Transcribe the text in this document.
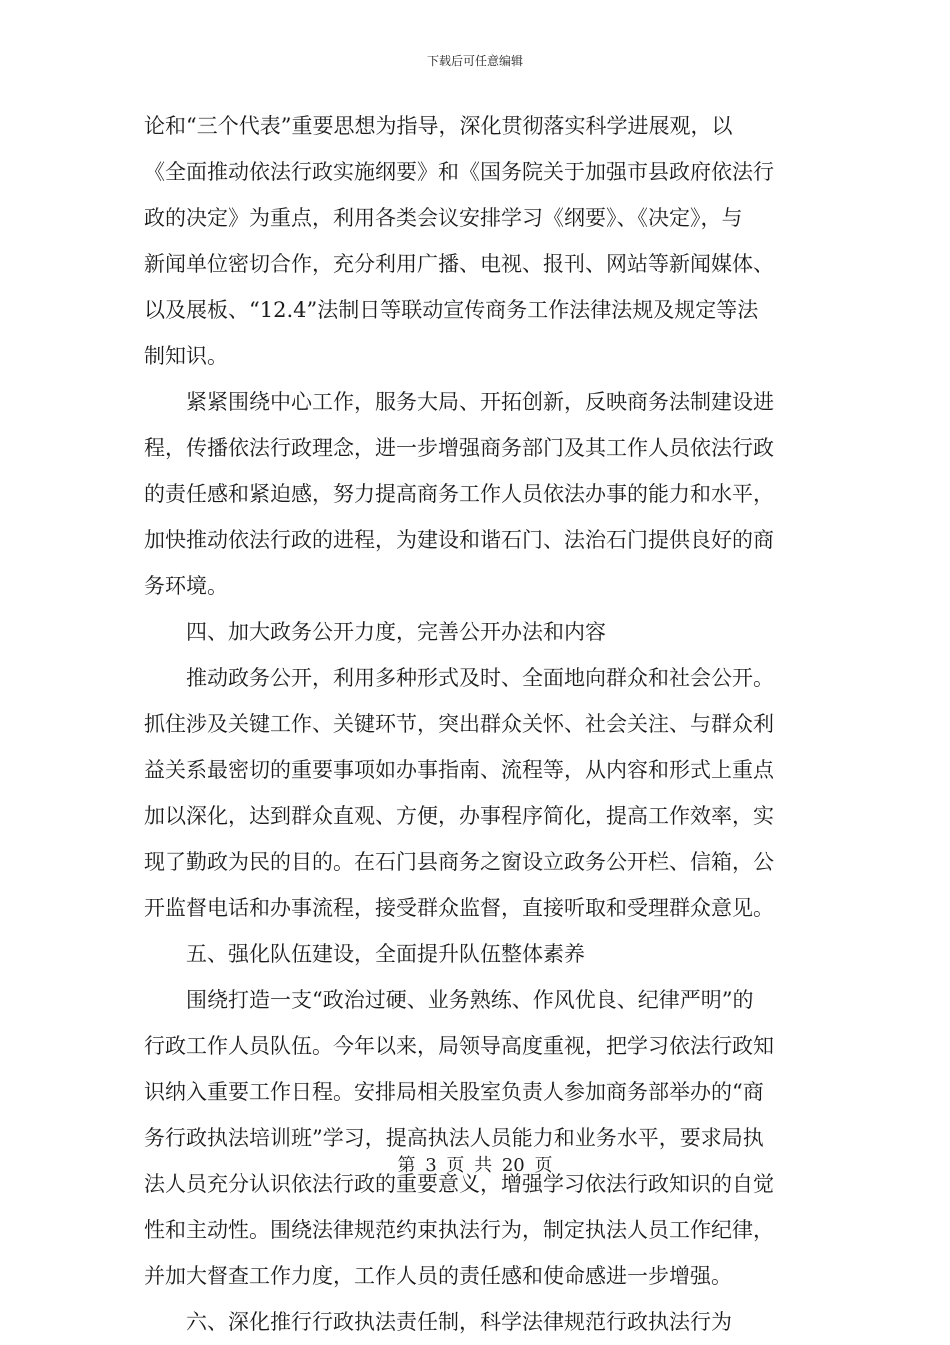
下载后可任意编辑
论和“三个代表”重要思想为指导，深化贯彻落实科学进展观，以
《全面推动依法行政实施纲要》和《国务院关于加强市县政府依法行
政的决定》为重点，利用各类会议安排学习《纲要》、《决定》，与
新闻单位密切合作，充分利用广播、电视、报刊、网站等新闻媒体、
以及展板、“12.4”法制日等联动宣传商务工作法律法规及规定等法
制知识。
紧紧围绕中心工作，服务大局、开拓创新，反映商务法制建设进
程，传播依法行政理念，进一步增强商务部门及其工作人员依法行政
的责任感和紧迫感，努力提高商务工作人员依法办事的能力和水平，
加快推动依法行政的进程，为建设和谐石门、法治石门提供良好的商
务环境。
四、加大政务公开力度，完善公开办法和内容
推动政务公开，利用多种形式及时、全面地向群众和社会公开。
抓住涉及关键工作、关键环节，突出群众关怀、社会关注、与群众利
益关系最密切的重要事项如办事指南、流程等，从内容和形式上重点
加以深化，达到群众直观、方便，办事程序简化，提高工作效率，实
现了勤政为民的目的。在石门县商务之窗设立政务公开栏、信箱，公
开监督电话和办事流程，接受群众监督，直接听取和受理群众意见。
五、强化队伍建设，全面提升队伍整体素养
围绕打造一支“政治过硬、业务熟练、作风优良、纪律严明”的
行政工作人员队伍。今年以来，局领导高度重视，把学习依法行政知
识纳入重要工作日程。安排局相关股室负责人参加商务部举办的“商
务行政执法培训班”学习，提高执法人员能力和业务水平，要求局执
法人员充分认识依法行政的重要意义，增强学习依法行政知识的自觉
性和主动性。围绕法律规范约束执法行为，制定执法人员工作纪律，
并加大督查工作力度，工作人员的责任感和使命感进一步增强。
六、深化推行行政执法责任制，科学法律规范行政执法行为
第 3 页 共 20 页
